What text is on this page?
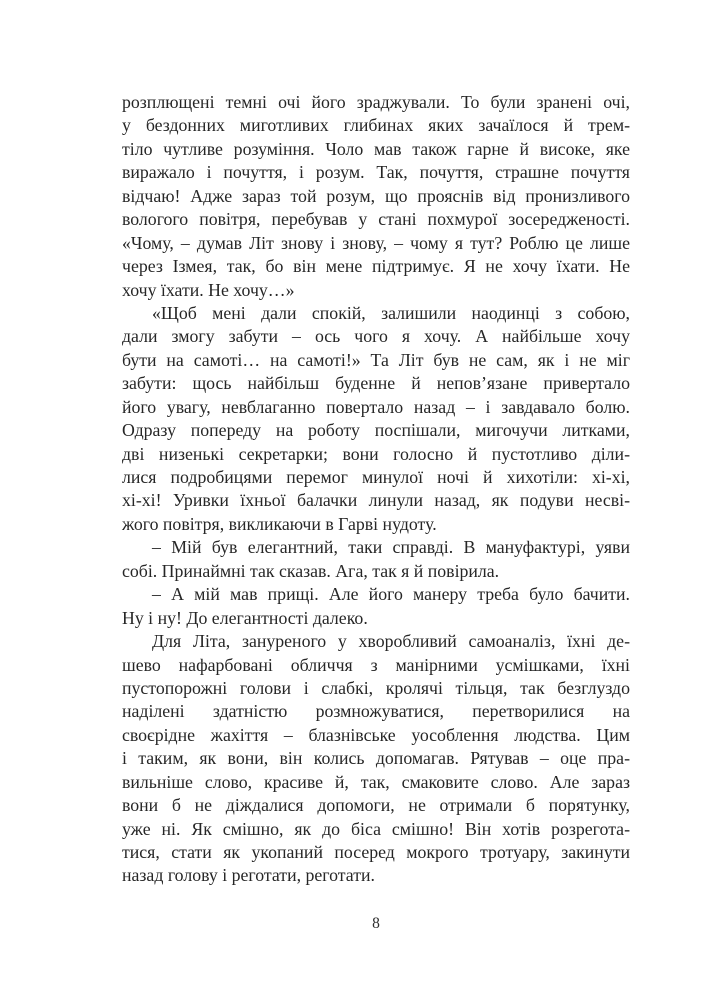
розплющені темні очі його зраджували. То були зранені очі,
у бездонних миготливих глибинах яких зачаїлося й трем-
тіло чутливе розуміння. Чоло мав також гарне й високе, яке
виражало і почуття, і розум. Так, почуття, страшне почуття
відчаю! Адже зараз той розум, що прояснів від пронизливого
вологого повітря, перебував у стані похмурої зосередженості.
«Чому, – думав Літ знову і знову, – чому я тут? Роблю це лише
через Ізмея, так, бо він мене підтримує. Я не хочу їхати. Не
хочу їхати. Не хочу…»
«Щоб мені дали спокій, залишили наодинці з собою,
дали змогу забути – ось чого я хочу. А найбільше хочу
бути на самоті… на самоті!» Та Літ був не сам, як і не міг
забути: щось найбільш буденне й непов’язане привертало
його увагу, невблаганно повертало назад – і завдавало болю.
Одразу попереду на роботу поспішали, мигочучи литками,
дві низенькі секретарки; вони голосно й пустотливо діли-
лися подробицями перемог минулої ночі й хихотіли: хі-хі,
хі-хі! Уривки їхньої балачки линули назад, як подуви несві-
жого повітря, викликаючи в Гарві нудоту.
– Мій був елегантний, таки справді. В мануфактурі, уяви
собі. Принаймні так сказав. Ага, так я й повірила.
– А мій мав прищі. Але його манеру треба було бачити.
Ну і ну! До елегантності далеко.
Для Літа, зануреного у хворобливий самоаналіз, їхні де-
шево нафарбовані обличчя з манірними усмішками, їхні
пустопорожні голови і слабкі, кролячі тільця, так безглуздо
наділені здатністю розмножуватися, перетворилися на
своєрідне жахіття – блазнівське уособлення людства. Цим
і таким, як вони, він колись допомагав. Рятував – оце пра-
вильніше слово, красиве й, так, смаковите слово. Але зараз
вони б не діждалися допомоги, не отримали б порятунку,
уже ні. Як смішно, як до біса смішно! Він хотів розрегота-
тися, стати як укопаний посеред мокрого тротуару, закинути
назад голову і реготати, реготати.
8
